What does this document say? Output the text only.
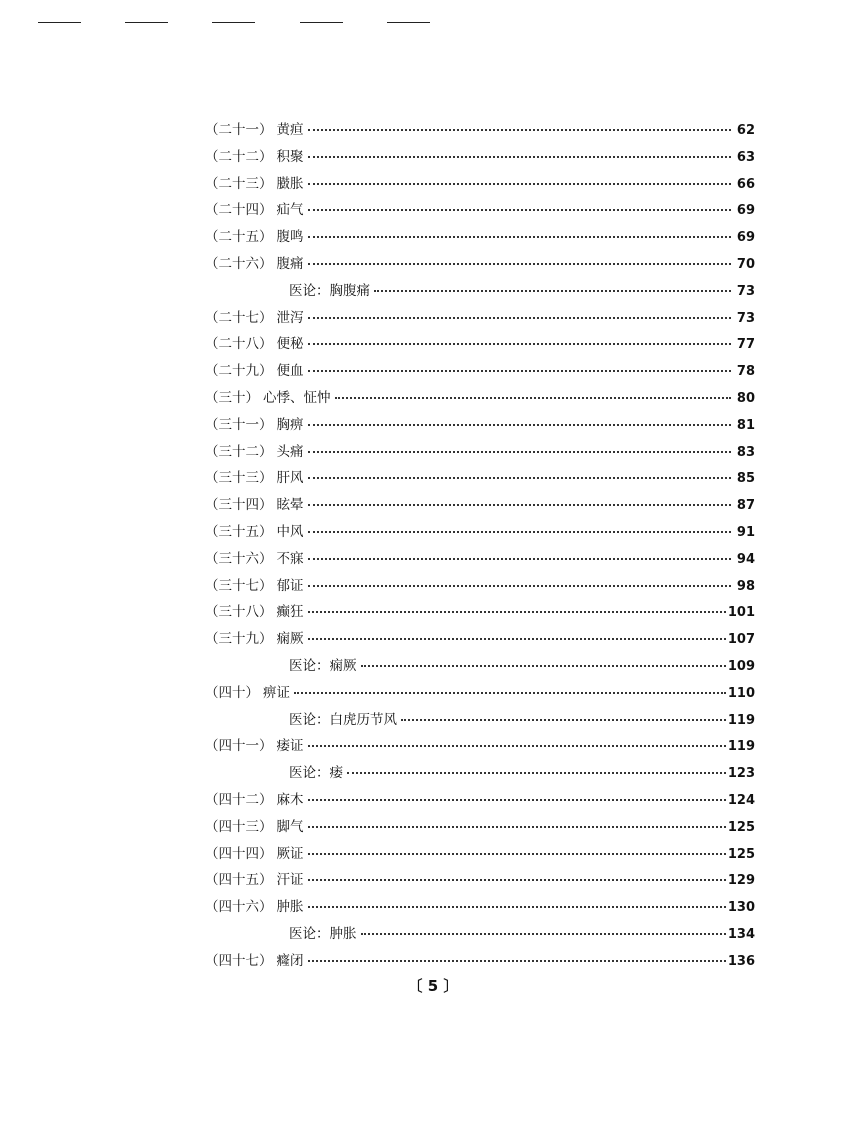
（二十一） 黄疸	62
（二十二） 积聚	63
（二十三） 臌胀	66
（二十四） 疝气	69
（二十五） 腹鸣	69
（二十六） 腹痛	70
医论：胸腹痛	73
（二十七） 泄泻	73
（二十八） 便秘	77
（二十九） 便血	78
（三十） 心悸、怔忡	80
（三十一） 胸痹	81
（三十二） 头痛	83
（三十三） 肝风	85
（三十四） 眩晕	87
（三十五） 中风	91
（三十六） 不寐	94
（三十七） 郁证	98
（三十八） 癫狂	101
（三十九） 痫厥	107
医论：痫厥	109
（四十） 痹证	110
医论：白虎历节风	119
（四十一） 痿证	119
医论：痿	123
（四十二） 麻木	124
（四十三） 脚气	125
（四十四） 厥证	125
（四十五） 汗证	129
（四十六） 肿胀	130
医论：肿胀	134
（四十七） 癃闭	136
〔 5 〕
